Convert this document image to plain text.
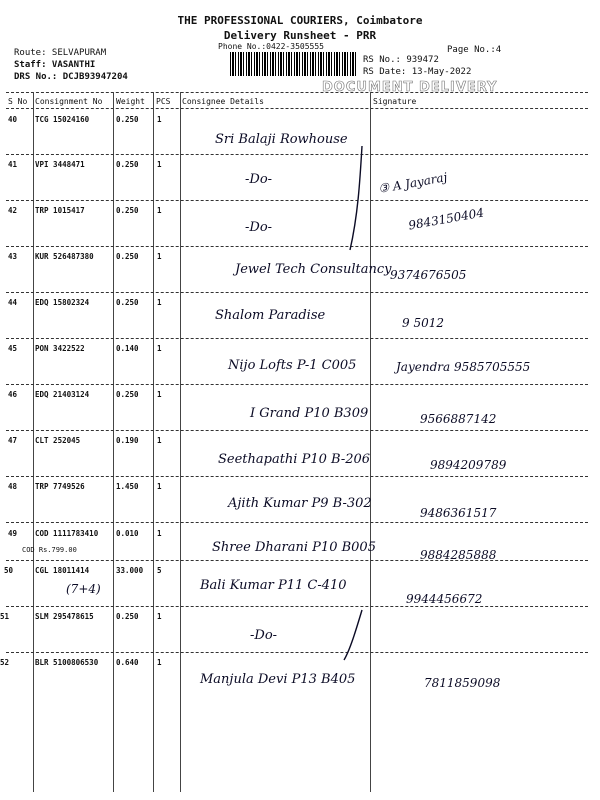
THE PROFESSIONAL COURIERS, Coimbatore
Delivery Runsheet - PRR
Phone No.:0422-3505555	Page No.:4
Route: SELVAPURAM
Staff: VASANTHI
DRS No.: DCJB93947204
RS No.: 939472
RS Date: 13-May-2022
DOCUMENT DELIVERY
S No Consignment No Weight PCS Consignee Details	Signature
40 TCG 15024160	0.250 1
Sri Balaji Rowhouse
41 VPI 3448471	0.250 1
-Do-	③ A Jayaraj
42 TRP 1015417	0.250 1
-Do-	9843150404
43 KUR 526487380	0.250 1
Jewel Tech Consultancy
9374676505
44 EDQ 15802324	0.250 1
Shalom Paradise	9 5012
45 PON 3422522	0.140 1
Nijo Lofts P-1 C005	Jayendra 9585705555
46 EDQ 21403124	0.250 1
I Grand P10 B309	9566887142
47 CLT 252045	0.190 1
Seethapathi P10 B-206	9894209789
48 TRP 7749526	1.450 1
Ajith Kumar P9 B-302
9486361517
49 COD 1111783410 0.010 1
COD Rs.799.00	Shree Dharani P10 B005	9884285888
50	CGL 18011414	33.000 5
(7+4)	Bali Kumar P11 C-410
9944456672
51	SLM 295478615	0.250 1
-Do-
52	BLR 5100806530 0.640 1
Manjula Devi P13 B405	7811859098
